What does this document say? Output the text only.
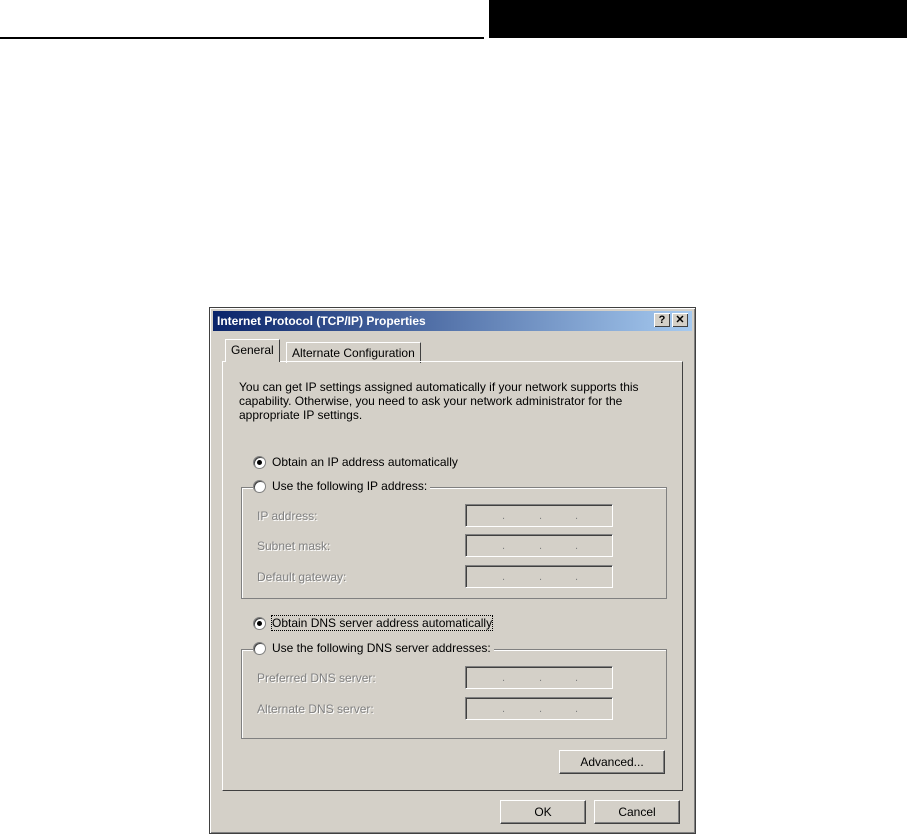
Internet Protocol (TCP/IP) Properties	? ✕
General	Alternate Configuration
You can get IP settings assigned automatically if your network supports this capability. Otherwise, you need to ask your network administrator for the appropriate IP settings.
Obtain an IP address automatically
Use the following IP address:
IP address:	.	.	.
Subnet mask:	.	.	.
Default gateway:	.	.	.
Obtain DNS server address automatically
Use the following DNS server addresses:
Preferred DNS server:	.	.	.
Alternate DNS server:	.	.	.
Advanced...
OK	Cancel
